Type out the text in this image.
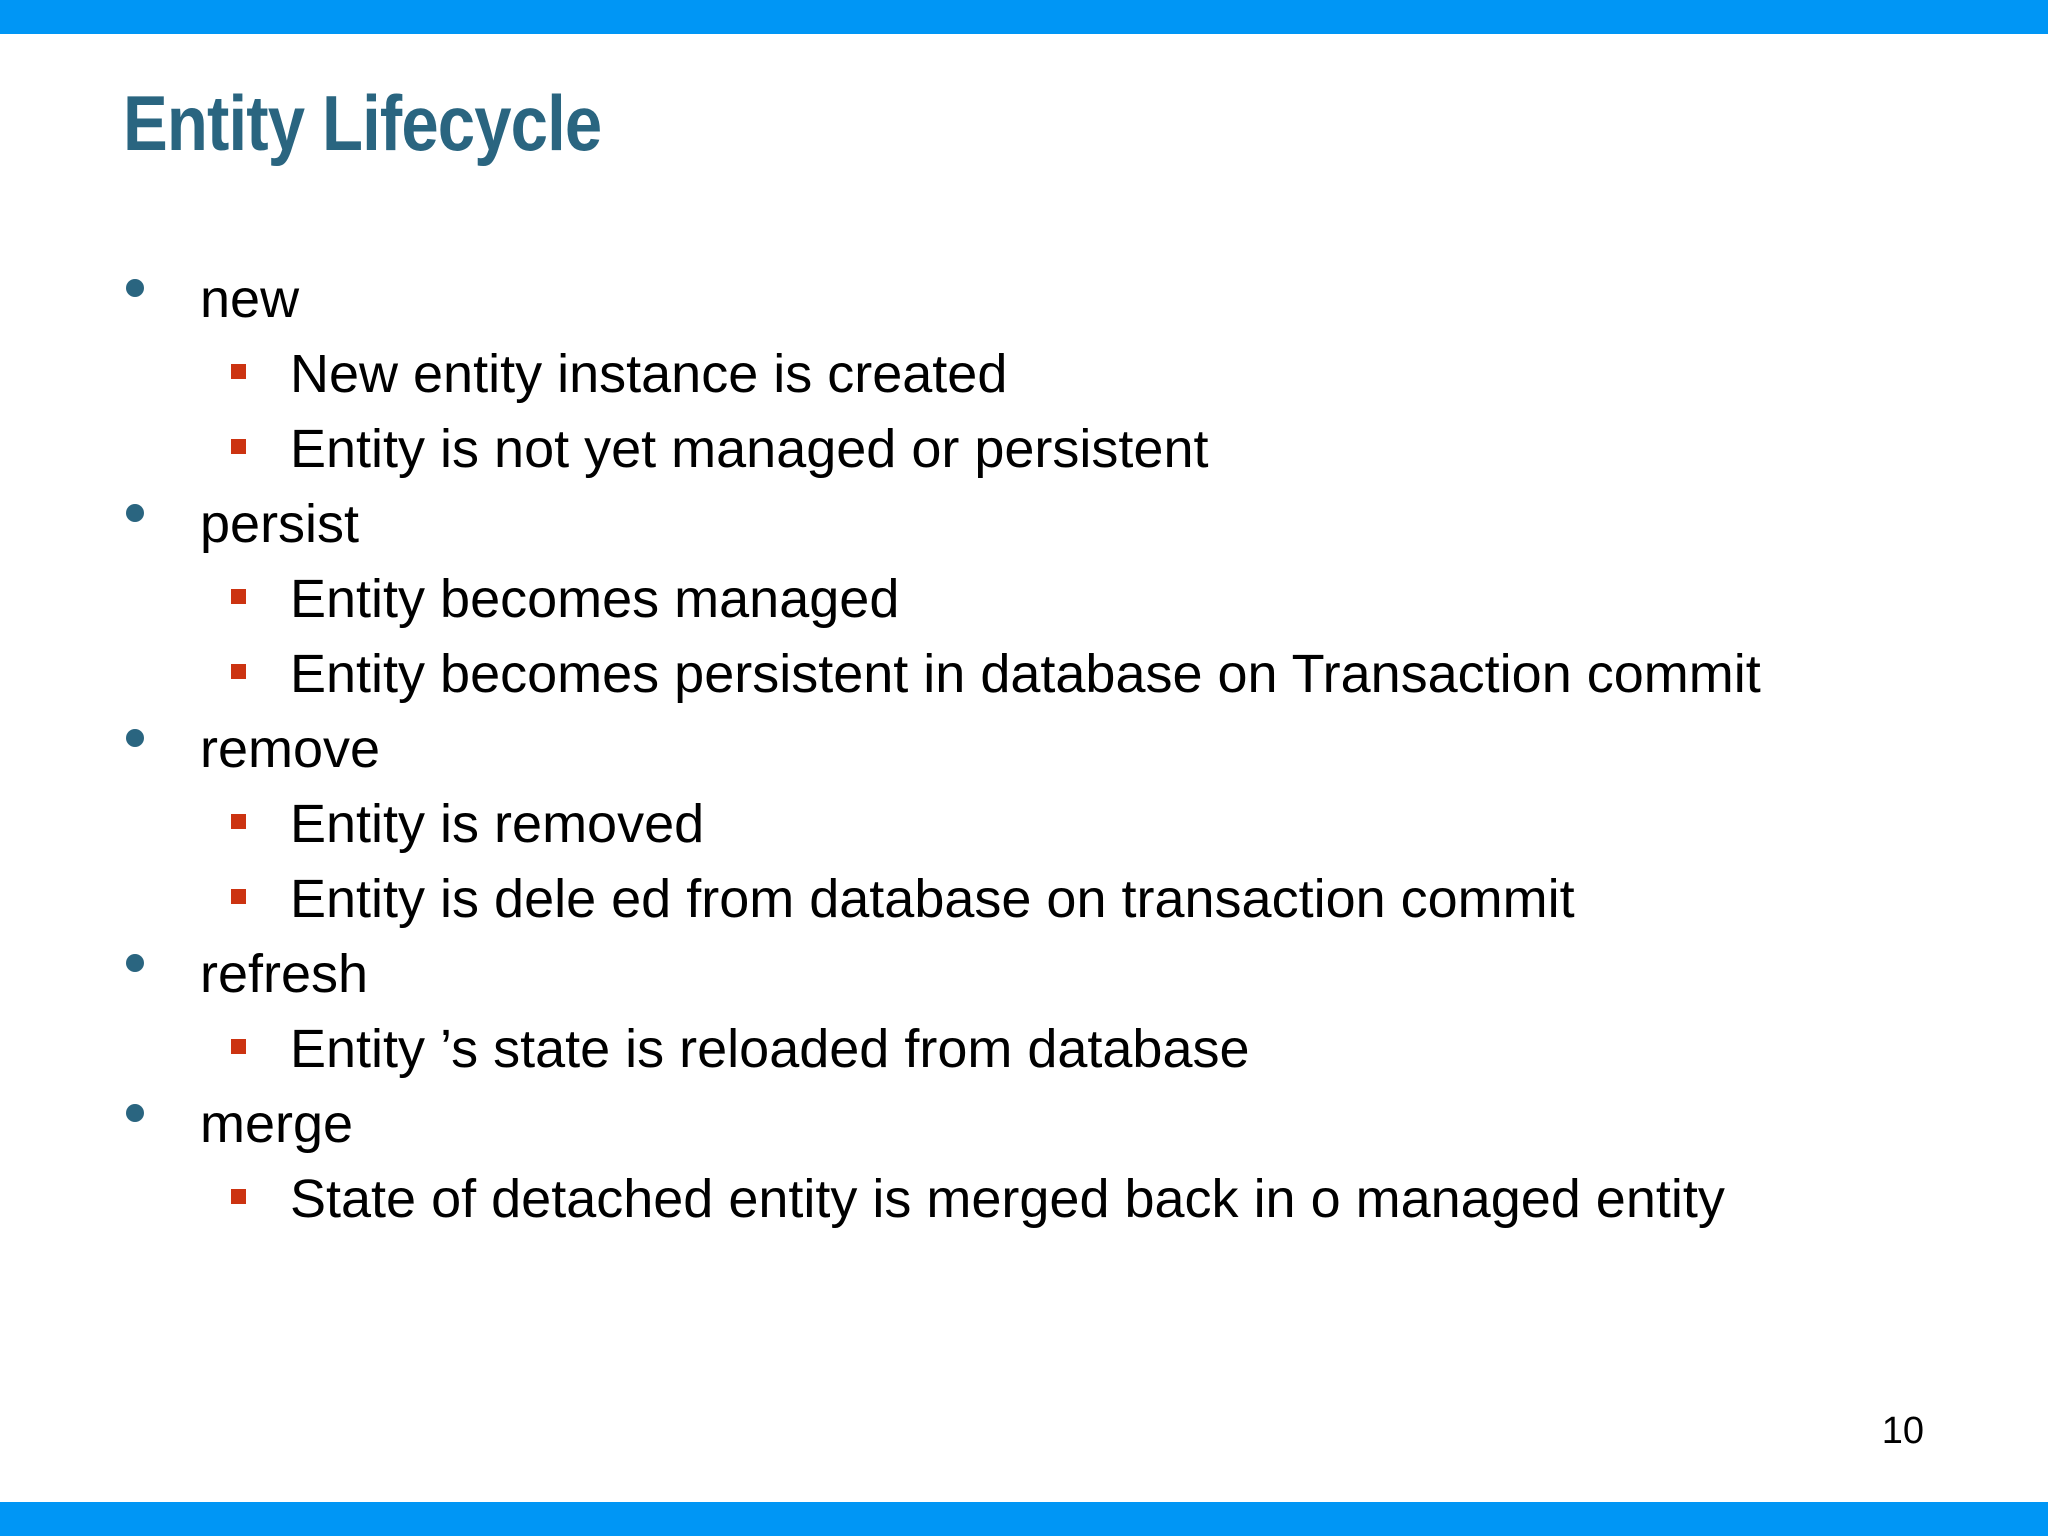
Entity Lifecycle
new
New entity instance is created
Entity is not yet managed or persistent
persist
Entity becomes managed
Entity becomes persistent in database on Transaction commit
remove
Entity is removed
Entity is dele ed from database on transaction commit
refresh
Entity ’s state is reloaded from database
merge
State of detached entity is merged back in o managed entity
10
